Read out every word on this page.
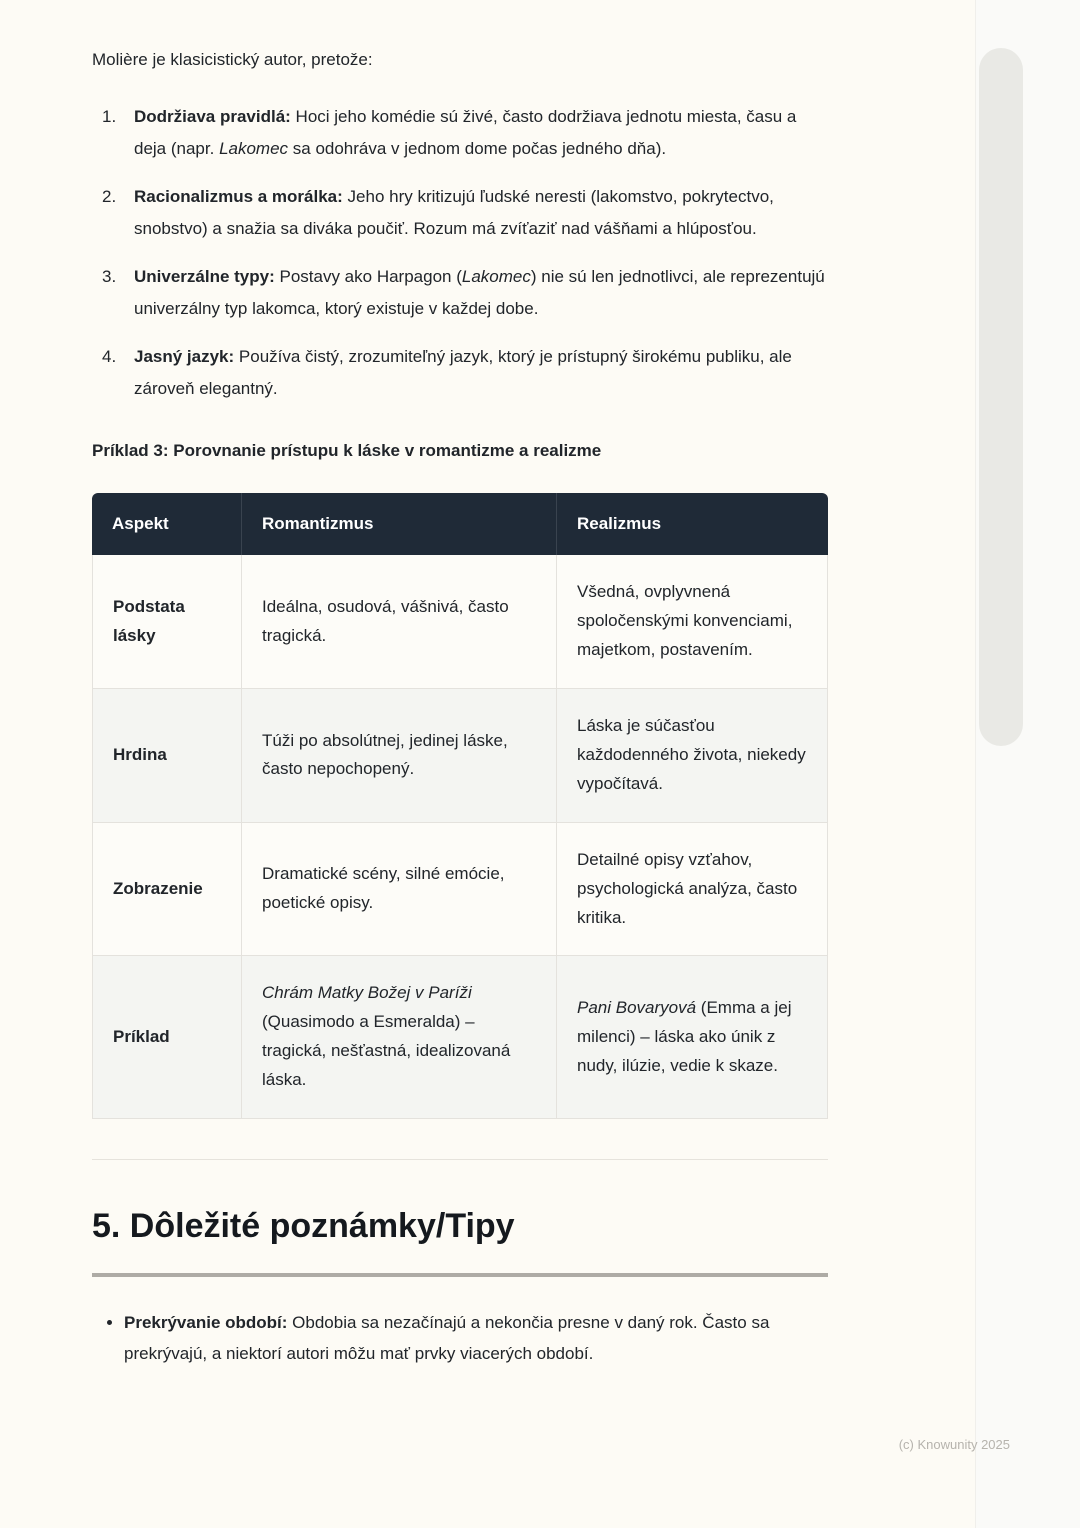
Molière je klasicistický autor, pretože:

1.	Dodržiava pravidlá: Hoci jeho komédie sú živé, často dodržiava jednotu miesta, času a deja (napr. Lakomec sa odohráva v jednom dome počas jedného dňa).
2.	Racionalizmus a morálka: Jeho hry kritizujú ľudské neresti (lakomstvo, pokrytectvo, snobstvo) a snažia sa diváka poučiť. Rozum má zvíťaziť nad vášňami a hlúposťou.
3.	Univerzálne typy: Postavy ako Harpagon (Lakomec) nie sú len jednotlivci, ale reprezentujú univerzálny typ lakomca, ktorý existuje v každej dobe.
4.	Jasný jazyk: Používa čistý, zrozumiteľný jazyk, ktorý je prístupný širokému publiku, ale zároveň elegantný.

Príklad 3: Porovnanie prístupu k láske v romantizme a realizme

Aspekt	Romantizmus	Realizmus
Podstata lásky	Ideálna, osudová, vášnivá, často tragická.	Všedná, ovplyvnená spoločenskými konvenciami, majetkom, postavením.
Hrdina	Túži po absolútnej, jedinej láske, často nepochopený.	Láska je súčasťou každodenného života, niekedy vypočítavá.
Zobrazenie	Dramatické scény, silné emócie, poetické opisy.	Detailné opisy vzťahov, psychologická analýza, často kritika.
Príklad	Chrám Matky Božej v Paríži (Quasimodo a Esmeralda) – tragická, nešťastná, idealizovaná láska.	Pani Bovaryová (Emma a jej milenci) – láska ako únik z nudy, ilúzie, vedie k skaze.
5. Dôležité poznámky/Tipy
• Prekrývanie období: Obdobia sa nezačínajú a nekončia presne v daný rok. Často sa prekrývajú, a niektorí autori môžu mať prvky viacerých období.
(c) Knowunity 2025
